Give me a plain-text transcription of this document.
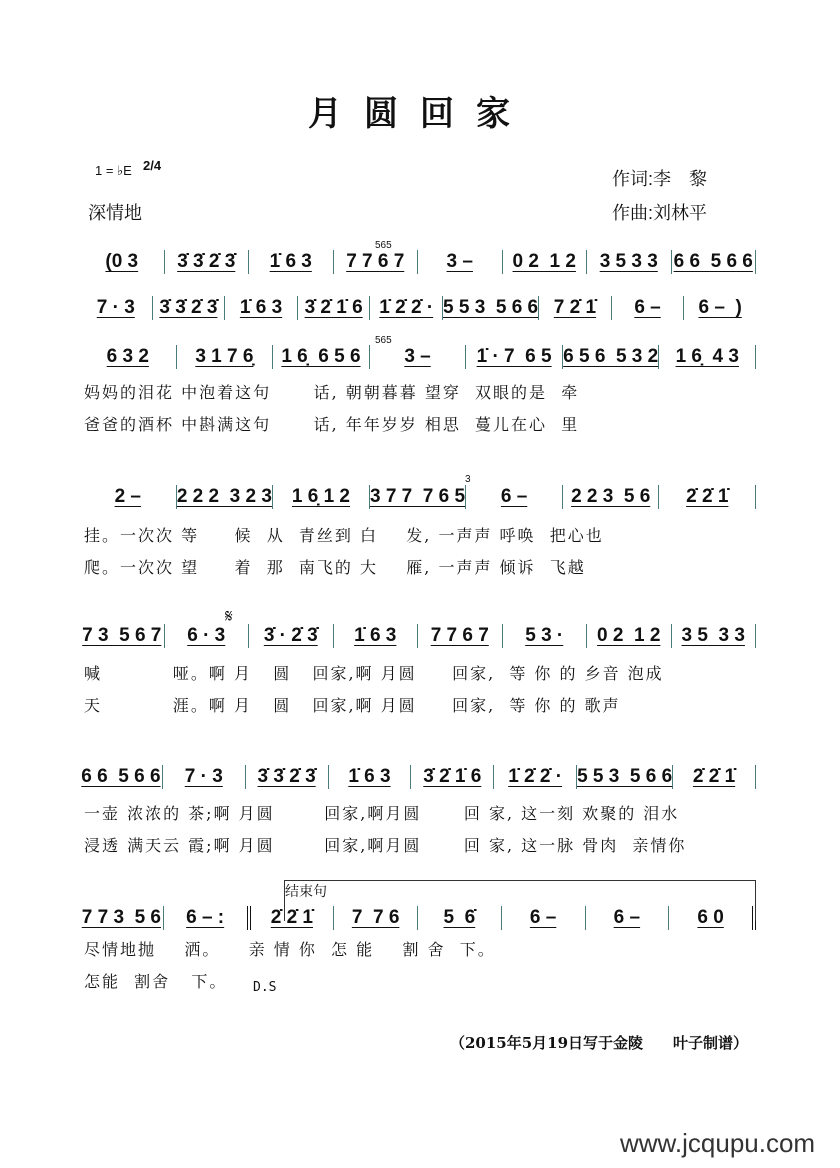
月圆回家
1 = ♭E 2/4
深情地
作词:李　黎
作曲:刘林平
565
565
3
𝄋
(0 3	3̇ 3̇ 2̇ 3̇	1̇ 6 3	7 7 6 7	3 –	0 2  1 2	3 5 3 3 6 6  5 6 6
7 · 3	3̇ 3̇ 2̇ 3̇	1̇ 6 3	3̇ 2̇ 1̇ 6 1̇ 2̇ 2̇ · 5 5 3  5 6 6 7 2̇ 1̇	6 –	6 –  )
6 3 2	3 1 7 6̣	1 6̣  6 5 6	3 –	1̇ · 7  6 5 6 5 6  5 3 2 1 6̣  4 3
妈妈的泪花 中泡着这句      话, 朝朝暮暮 望穿  双眼的是  牵
爸爸的酒杯 中斟满这句      话, 年年岁岁 相思  蔓儿在心  里
2 –	2 2 2  3 2 3	1 6̣ 1 2	3 7 7  7 6 5	6 –	2 2 3  5 6	2̇ 2̇ 1̇
挂。一次次 等     候  从  青丝到 白    发, 一声声 呼唤  把心也
爬。一次次 望     着  那  南飞的 大    雁, 一声声 倾诉  飞越
7 3  5 6 7	6 · 3	3̇ · 2̇ 3̇	1̇ 6 3	7 7 6 7	5 3 ·	0 2  1 2	3 5  3 3
喊          哑。啊 月   圆   回家,啊 月圆     回家,  等 你 的 乡音 泡成
天          涯。啊 月   圆   回家,啊 月圆     回家,  等 你 的 歌声
6 6  5 6 6	7 · 3	3̇ 3̇ 2̇ 3̇	1̇ 6 3	3̇ 2̇ 1̇ 6	1̇ 2̇ 2̇ · 5 5 3  5 6 6	2̇ 2̇ 1̇
一壶 浓浓的 茶;啊 月圆       回家,啊月圆      回 家, 这一刻 欢聚的 泪水
浸透 满天云 霞;啊 月圆       回家,啊月圆      回 家, 这一脉 骨肉  亲情你
7 7 3  5 6	6 – :	2̇ 2̇ 1̇	7  7 6	5  6̇	6 –	6 –	6 0
尽情地抛    洒。    亲 情 你  怎 能    割 舍  下。
怎能  割舍   下。
结束句
D.S
（2015年5月19日写于金陵　　叶子制谱）
www.jcqupu.com
